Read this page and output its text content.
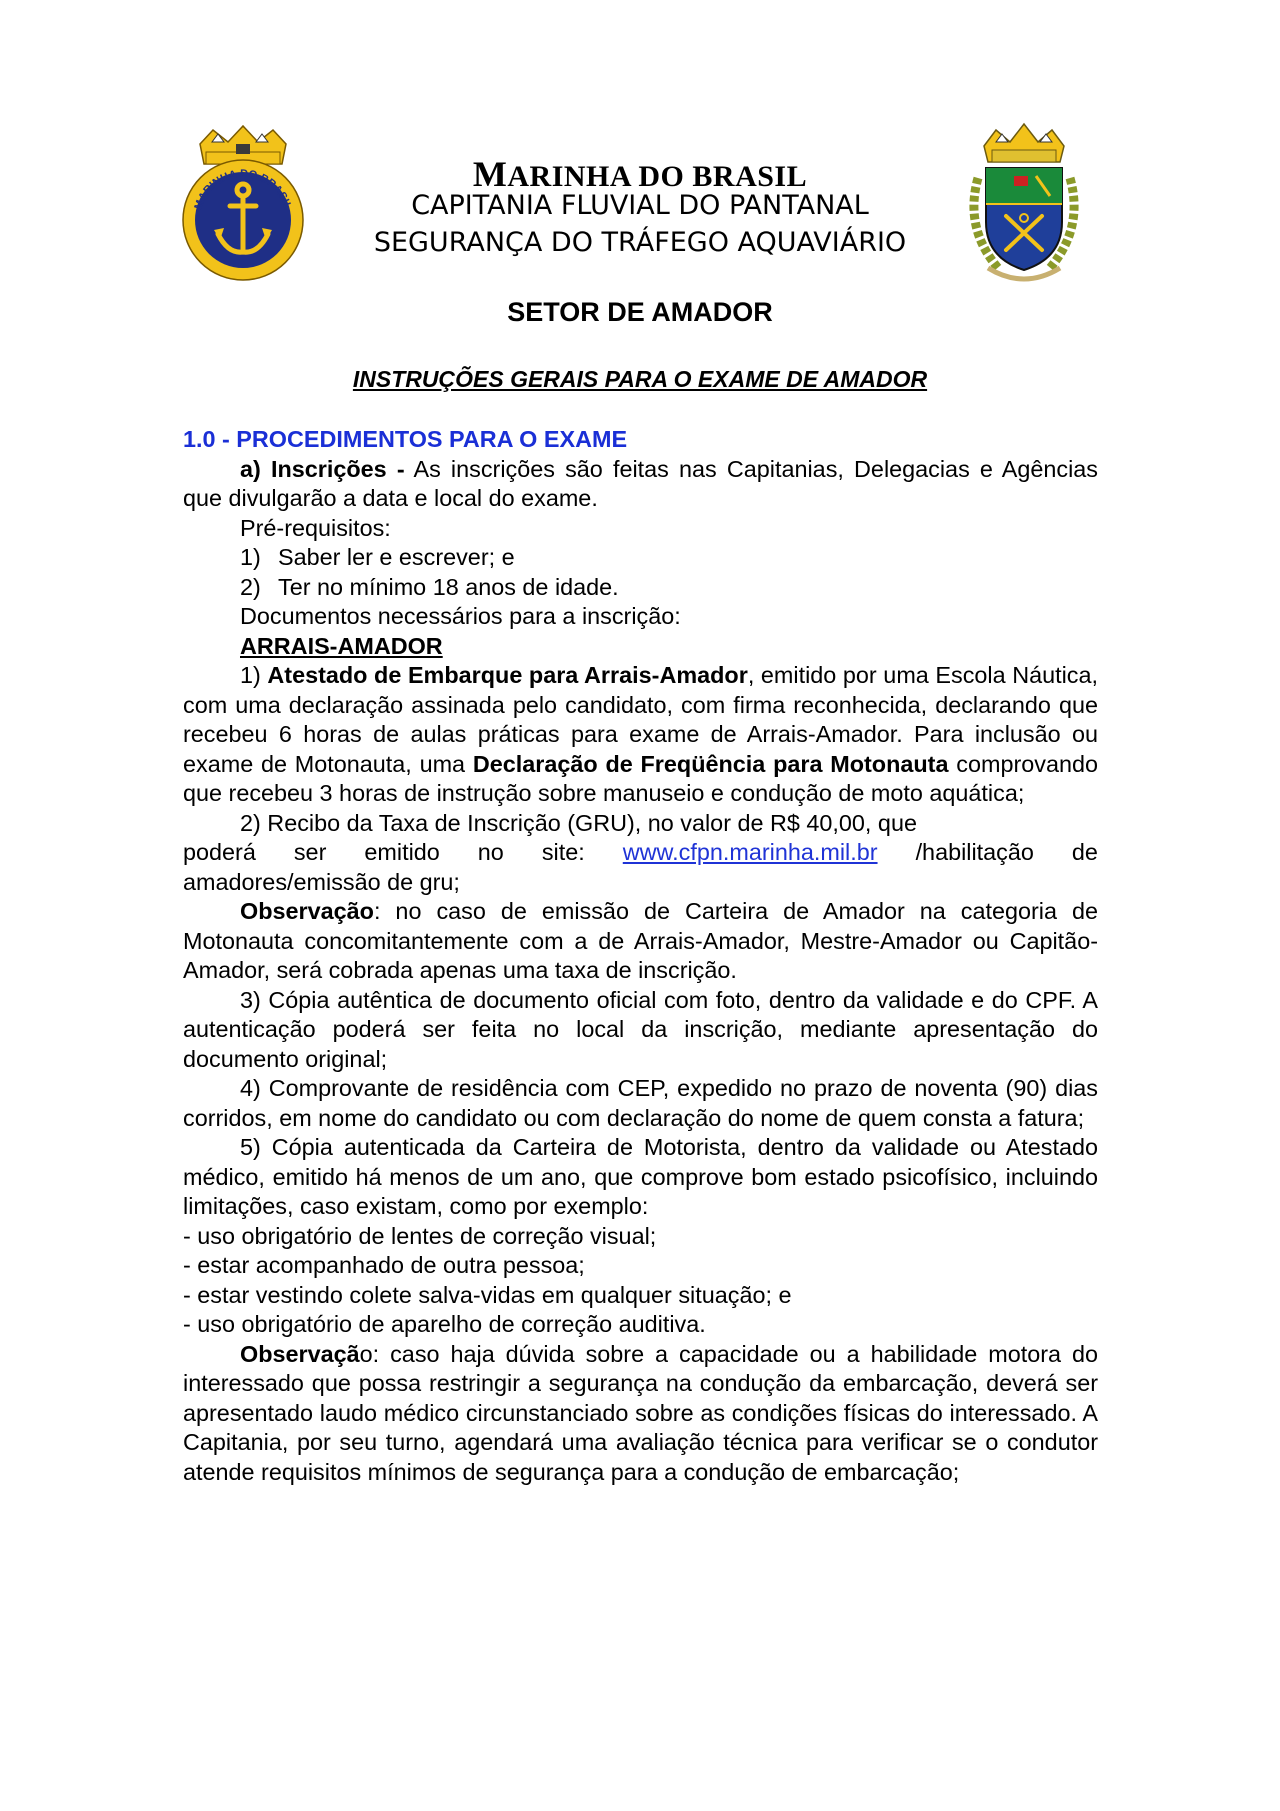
MARINHA DO BRASIL
MARINHA DO BRASIL
CAPITANIA FLUVIAL DO PANTANAL
SEGURANÇA DO TRÁFEGO AQUAVIÁRIO
SETOR DE AMADOR
INSTRUÇÕES GERAIS PARA O EXAME DE AMADOR
1.0 - PROCEDIMENTOS PARA O EXAME

a) Inscrições - As inscrições são feitas nas Capitanias, Delegacias e Agências que divulgarão a data e local do exame.

Pré-requisitos:
1) Saber ler e escrever; e
2) Ter no mínimo 18 anos de idade.
Documentos necessários para a inscrição:
ARRAIS-AMADOR

1) Atestado de Embarque para Arrais-Amador, emitido por uma Escola Náutica, com uma declaração assinada pelo candidato, com firma reconhecida, declarando que recebeu 6 horas de aulas práticas para exame de Arrais-Amador. Para inclusão ou exame de Motonauta, uma Declaração de Freqüência para Motonauta comprovando que recebeu 3 horas de instrução sobre manuseio e condução de moto aquática;

2) Recibo da Taxa de Inscrição (GRU), no valor de R$ 40,00, que

poderá ser emitido no site: www.cfpn.marinha.mil.br /habilitação de

amadores/emissão de gru;

Observação: no caso de emissão de Carteira de Amador na categoria de Motonauta concomitantemente com a de Arrais-Amador, Mestre-Amador ou Capitão-Amador, será cobrada apenas uma taxa de inscrição.

3) Cópia autêntica de documento oficial com foto, dentro da validade e do CPF. A autenticação poderá ser feita no local da inscrição, mediante apresentação do documento original;

4) Comprovante de residência com CEP, expedido no prazo de noventa (90) dias corridos, em nome do candidato ou com declaração do nome de quem consta a fatura;

5) Cópia autenticada da Carteira de Motorista, dentro da validade ou Atestado médico, emitido há menos de um ano, que comprove bom estado psicofísico, incluindo limitações, caso existam, como por exemplo:

- uso obrigatório de lentes de correção visual;

- estar acompanhado de outra pessoa;

- estar vestindo colete salva-vidas em qualquer situação; e

- uso obrigatório de aparelho de correção auditiva.

Observação: caso haja dúvida sobre a capacidade ou a habilidade motora do interessado que possa restringir a segurança na condução da embarcação, deverá ser apresentado laudo médico circunstanciado sobre as condições físicas do interessado. A Capitania, por seu turno, agendará uma avaliação técnica para verificar se o condutor atende requisitos mínimos de segurança para a condução de embarcação;
